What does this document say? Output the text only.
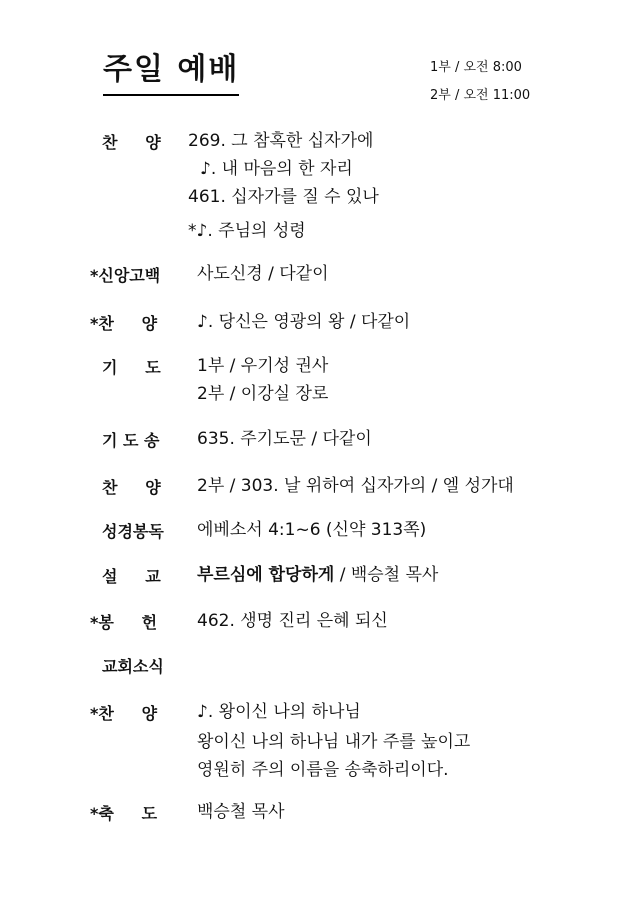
주일 예배	1부 / 오전 8:00
2부 / 오전 11:00
찬     양 269. 그 참혹한 십자가에
♪. 내 마음의 한 자리
461. 십자가를 질 수 있나
*♪. 주님의 성령
*신앙고백 사도신경 / 다같이
*찬     양 ♪. 당신은 영광의 왕 / 다같이
기     도 1부 / 우기성 권사
2부 / 이강실 장로
기 도 송 635. 주기도문 / 다같이
찬     양 2부 / 303. 날 위하여 십자가의 / 엘 성가대
성경봉독 에베소서 4:1~6 (신약 313쪽)
설     교 부르심에 합당하게 / 백승철 목사
*봉     헌 462. 생명 진리 은혜 되신
교회소식
*찬     양 ♪. 왕이신 나의 하나님
왕이신 나의 하나님 내가 주를 높이고
영원히 주의 이름을 송축하리이다.
*축     도 백승철 목사
